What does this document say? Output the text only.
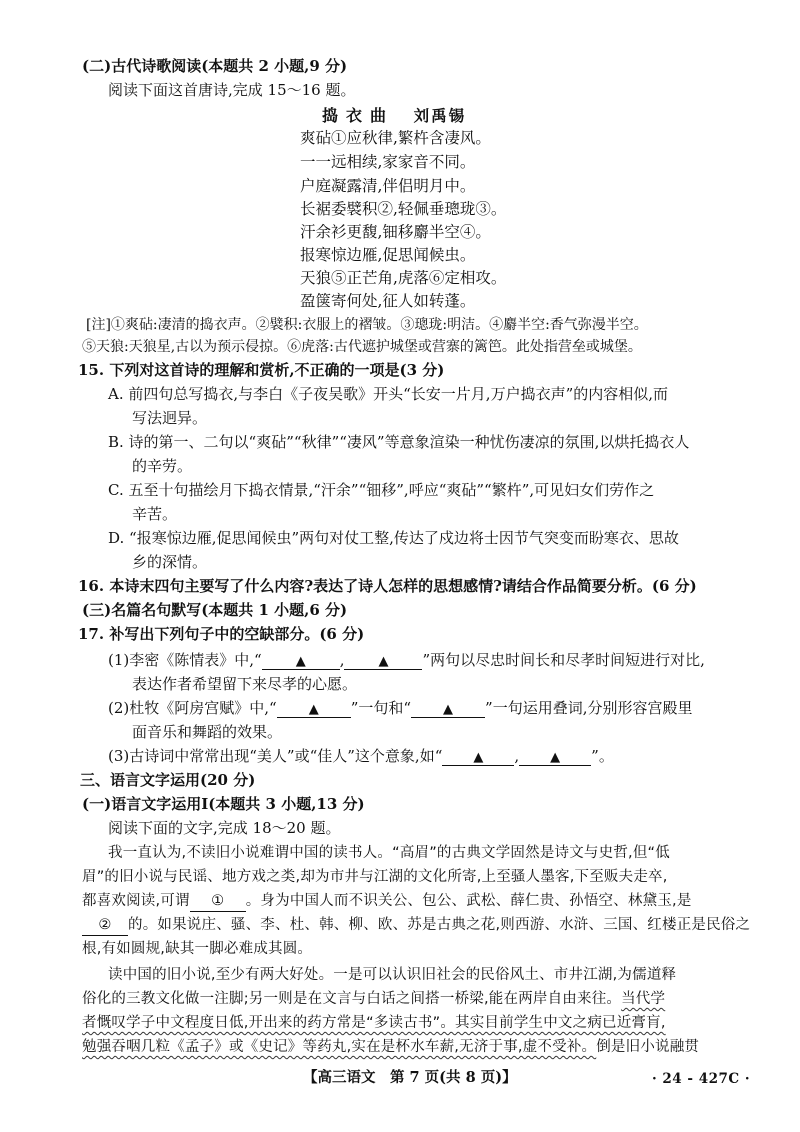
(二)古代诗歌阅读(本题共 2 小题,9 分)
阅读下面这首唐诗,完成 15～16 题。
捣衣曲 刘禹锡
爽砧①应秋律,繁杵含凄风。
一一远相续,家家音不同。
户庭凝露清,伴侣明月中。
长裾委襞积②,轻佩垂璁珑③。
汗余衫更馥,钿移麝半空④。
报寒惊边雁,促思闻候虫。
天狼⑤正芒角,虎落⑥定相攻。
盈箧寄何处,征人如转蓬。
[注]①爽砧:凄清的捣衣声。②襞积:衣服上的褶皱。③璁珑:明洁。④麝半空:香气弥漫半空。
⑤天狼:天狼星,古以为预示侵掠。⑥虎落:古代遮护城堡或营寨的篱笆。此处指营垒或城堡。
15. 下列对这首诗的理解和赏析,不正确的一项是(3 分)
A. 前四句总写捣衣,与李白《子夜吴歌》开头“长安一片月,万户捣衣声”的内容相似,而
写法迥异。
B. 诗的第一、二句以“爽砧”“秋律”“凄风”等意象渲染一种忧伤凄凉的氛围,以烘托捣衣人
的辛劳。
C. 五至十句描绘月下捣衣情景,“汗余”“钿移”,呼应“爽砧”“繁杵”,可见妇女们劳作之
辛苦。
D. “报寒惊边雁,促思闻候虫”两句对仗工整,传达了戍边将士因节气突变而盼寒衣、思故
乡的深情。
16. 本诗末四句主要写了什么内容?表达了诗人怎样的思想感情?请结合作品简要分析。(6 分)
(三)名篇名句默写(本题共 1 小题,6 分)
17. 补写出下列句子中的空缺部分。(6 分)
(1)李密《陈情表》中,“	▲ ,	▲ ”两句以尽忠时间长和尽孝时间短进行对比,
表达作者希望留下来尽孝的心愿。
(2)杜牧《阿房宫赋》中,“ ▲ ”一句和“ ▲ ”一句运用叠词,分别形容宫殿里
面音乐和舞蹈的效果。
(3)古诗词中常常出现“美人”或“佳人”这个意象,如“ ▲ , ▲ ”。
三、语言文字运用(20 分)
(一)语言文字运用Ⅰ(本题共 3 小题,13 分)
阅读下面的文字,完成 18～20 题。
我一直认为,不读旧小说难谓中国的读书人。“高眉”的古典文学固然是诗文与史哲,但“低
眉”的旧小说与民谣、地方戏之类,却为市井与江湖的文化所寄,上至骚人墨客,下至贩夫走卒,
都喜欢阅读,可谓 ① 。身为中国人而不识关公、包公、武松、薛仁贵、孙悟空、林黛玉,是
② 的。如果说庄、骚、李、杜、韩、柳、欧、苏是古典之花,则西游、水浒、三国、红楼正是民俗之
根,有如圆规,缺其一脚必难成其圆。
读中国的旧小说,至少有两大好处。一是可以认识旧社会的民俗风土、市井江湖,为儒道释
俗化的三教文化做一注脚;另一则是在文言与白话之间搭一桥梁,能在两岸自由来往。当代学
者慨叹学子中文程度日低,开出来的药方常是“多读古书”。其实目前学生中文之病已近膏肓,
勉强吞咽几粒《孟子》或《史记》等药丸,实在是杯水车薪,无济于事,虚不受补。倒是旧小说融贯
【高三语文　第 7 页(共 8 页)】	· 24 - 427C ·
